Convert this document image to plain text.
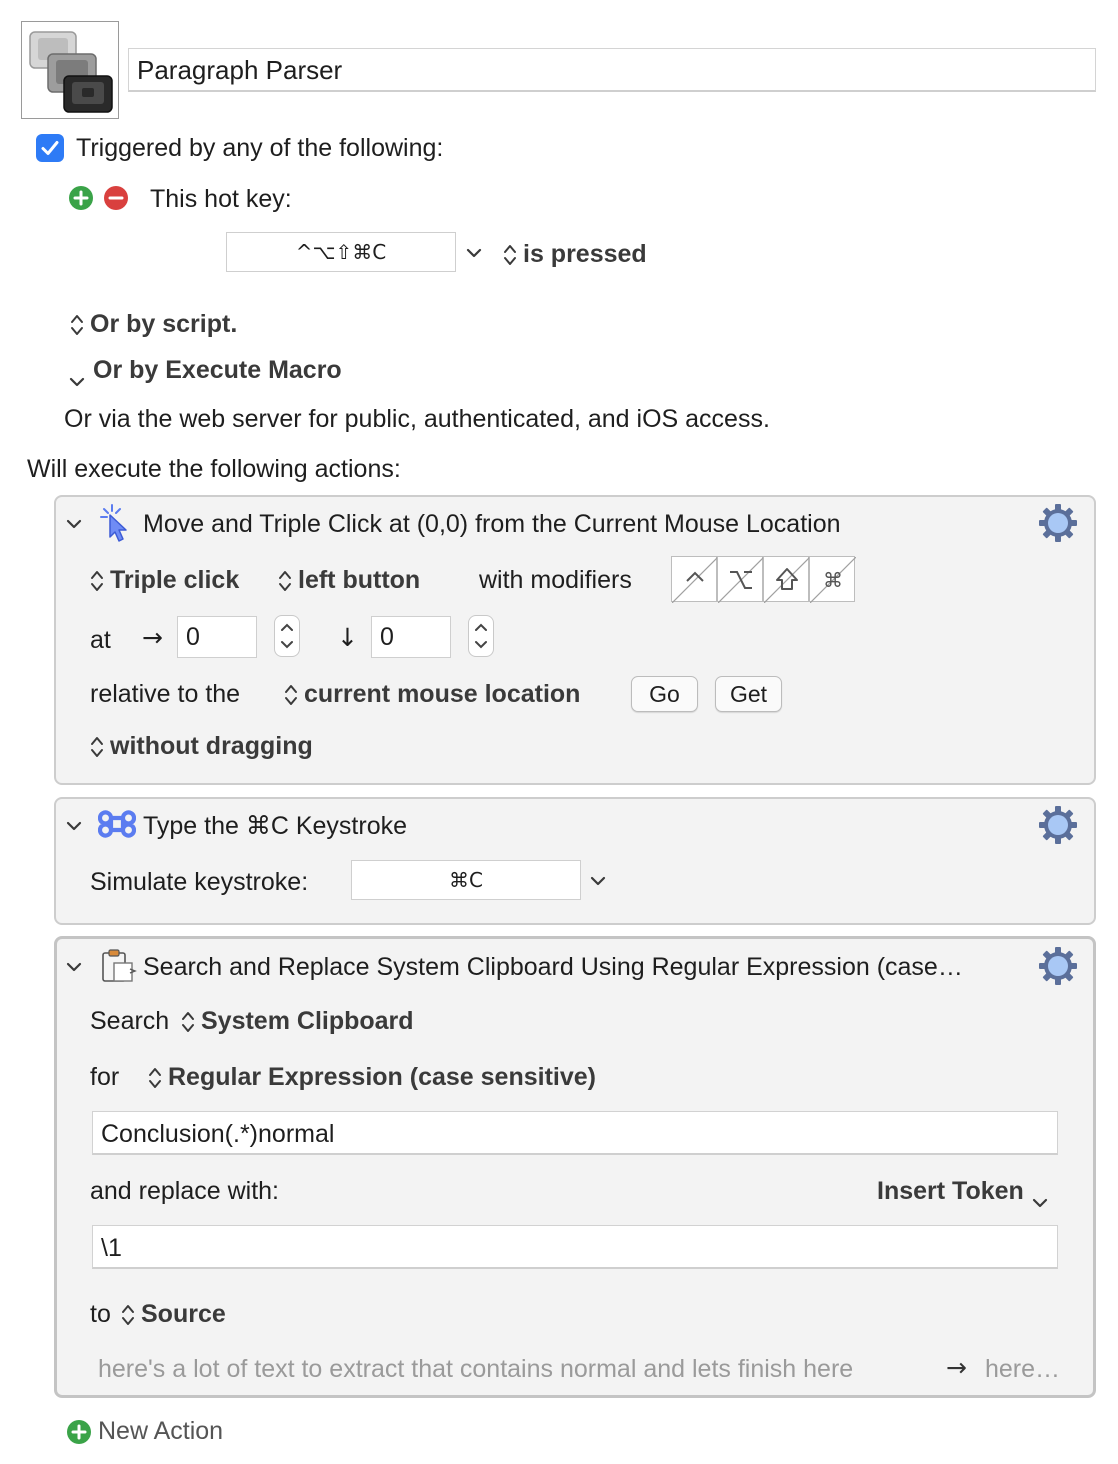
Paragraph Parser
Triggered by any of the following:
This hot key:
^⌥⇧⌘C	is pressed
Or by script.
Or by Execute Macro
Or via the web server for public, authenticated, and iOS access.
Will execute the following actions:
Move and Triple Click at (0,0) from the Current Mouse Location
Triple click	left button with modifiers	⌘
at → 0	↓ 0
relative to the	current mouse location	Go	Get
without dragging
Type the ⌘C Keystroke
Simulate keystroke:	⌘C
Search and Replace System Clipboard Using Regular Expression (case…
Search	System Clipboard
for	Regular Expression (case sensitive)
Conclusion(.*)normal
and replace with:	Insert Token
\1
to	Source
here's a lot of text to extract that contains normal and lets finish here	→ here…
New Action
